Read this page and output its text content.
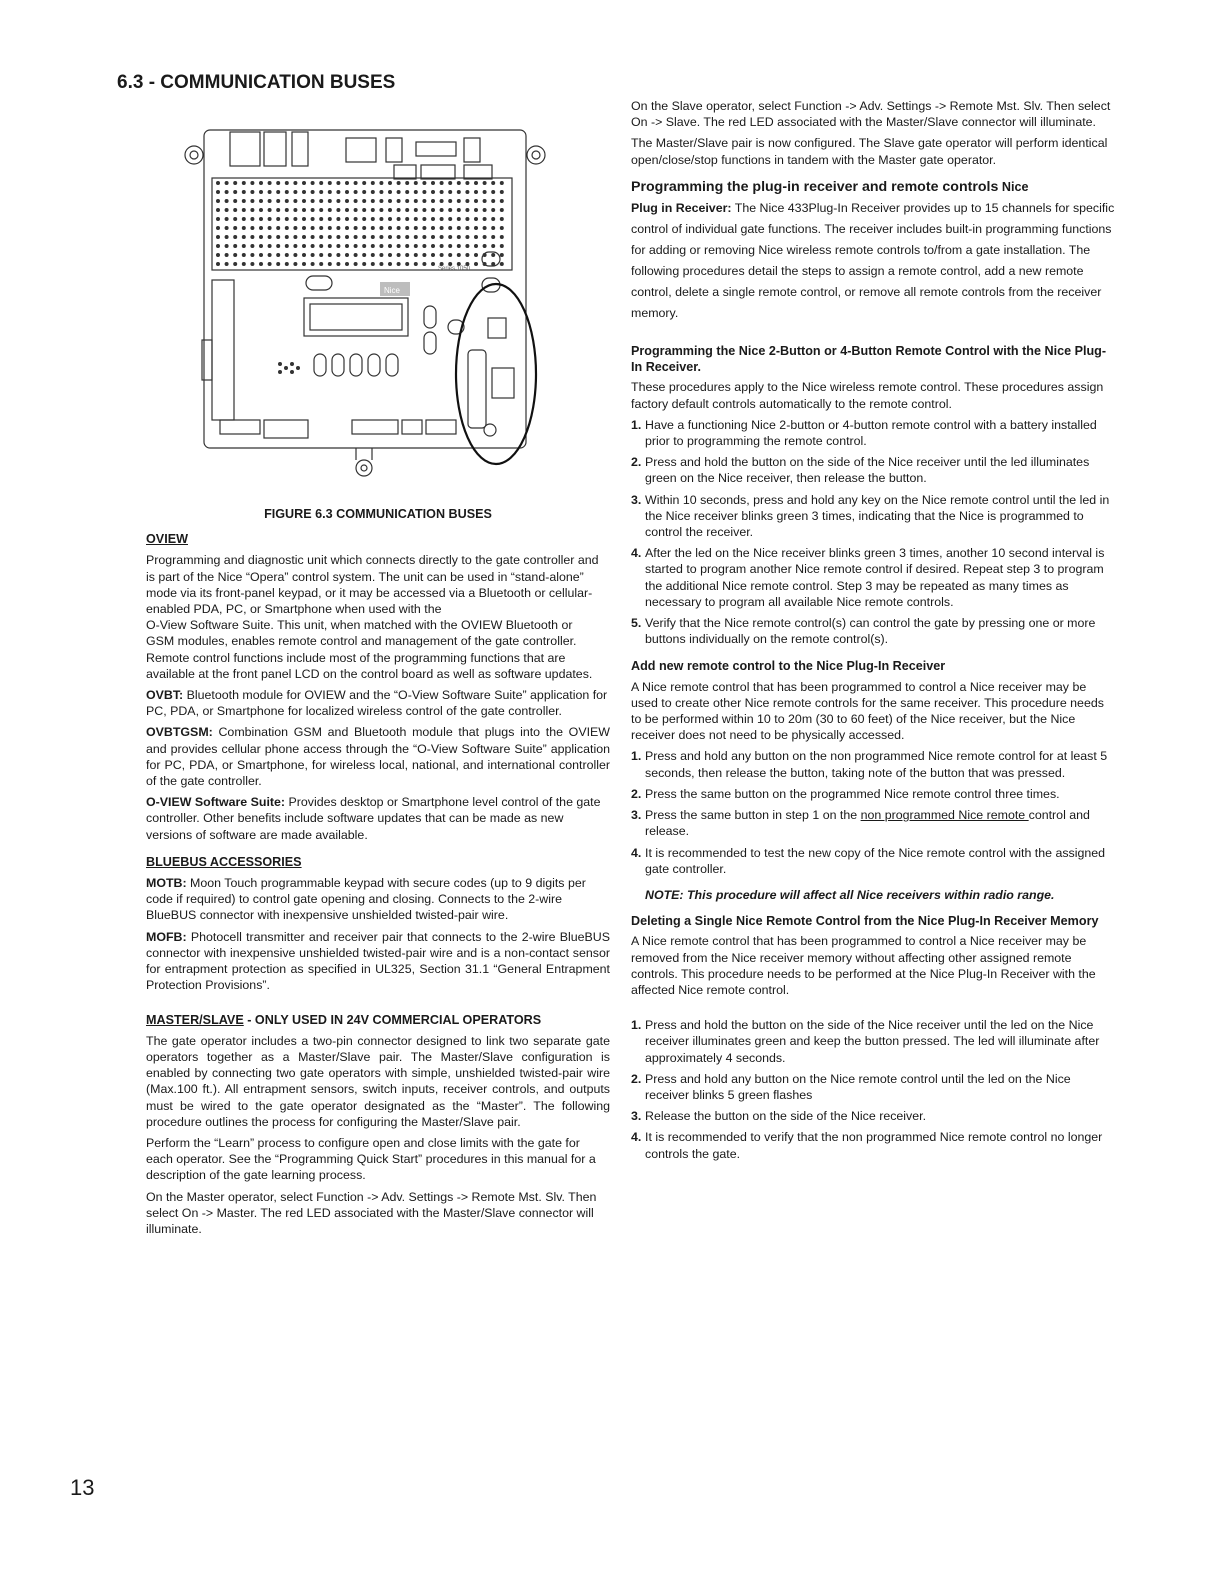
6.3 - COMMUNICATION BUSES
Nice
Series 1050
FIGURE 6.3 COMMUNICATION BUSES
OVIEW

Programming and diagnostic unit which connects directly to the gate controller and is part of the Nice “Opera” control system. The unit can be used in “stand-alone” mode via its front-panel keypad, or it may be accessed via a Bluetooth or cellular-enabled PDA, PC, or Smartphone when used with the
O-View Software Suite. This unit, when matched with the OVIEW Bluetooth or
GSM modules, enables remote control and management of the gate controller. Remote control functions include most of the programming functions that are available at the front panel LCD on the control board as well as software updates.

OVBT: Bluetooth module for OVIEW and the “O-View Software Suite” application for PC, PDA, or Smartphone for localized wireless control of the gate controller.

OVBTGSM: Combination GSM and Bluetooth module that plugs into the OVIEW and provides cellular phone access through the “O-View Software Suite” application for PC, PDA, or Smartphone, for wireless local, national, and international controller of the gate controller.

O-VIEW Software Suite: Provides desktop or Smartphone level control of the gate controller. Other benefits include software updates that can be made as new versions of software are made available.

BLUEBUS ACCESSORIES

MOTB: Moon Touch programmable keypad with secure codes (up to 9 digits per code if required) to control gate opening and closing. Connects to the 2-wire BlueBUS connector with inexpensive unshielded twisted-pair wire.

MOFB: Photocell transmitter and receiver pair that connects to the 2-wire BlueBUS connector with inexpensive unshielded twisted-pair wire and is a non-contact sensor for entrapment protection as specified in UL325, Section 31.1 “General Entrapment Protection Provisions”.

MASTER/SLAVE - ONLY USED IN 24V COMMERCIAL OPERATORS

The gate operator includes a two-pin connector designed to link two separate gate operators together as a Master/Slave pair. The Master/Slave configuration is enabled by connecting two gate operators with simple, unshielded twisted-pair wire (Max.100 ft.). All entrapment sensors, switch inputs, receiver controls, and outputs must be wired to the gate operator designated as the “Master”. The following procedure outlines the process for configuring the Master/Slave pair.

Perform the “Learn” process to configure open and close limits with the gate for each operator. See the “Programming Quick Start” procedures in this manual for a description of the gate learning process.

On the Master operator, select Function -> Adv. Settings -> Remote Mst. Slv. Then select On -> Master. The red LED associated with the Master/Slave connector will illuminate.

On the Slave operator, select Function -> Adv. Settings -> Remote Mst. Slv. Then select On -> Slave. The red LED associated with the Master/Slave connector will illuminate.

The Master/Slave pair is now configured. The Slave gate operator will perform identical open/close/stop functions in tandem with the Master gate operator.

Programming the plug-in receiver and remote controls Nice

Plug in Receiver: The Nice 433Plug-In Receiver provides up to 15 channels for specific control of individual gate functions. The receiver includes built-in programming functions for adding or removing Nice wireless remote controls to/from a gate installation. The following procedures detail the steps to assign a remote control, add a new remote control, delete a single remote control, or remove all remote controls from the receiver memory.

Programming the Nice 2-Button or 4-Button Remote Control with the Nice Plug-In Receiver.

These procedures apply to the Nice wireless remote control. These procedures assign factory default controls automatically to the remote control.

1. Have a functioning Nice 2-button or 4-button remote control with a battery installed prior to programming the remote control.
2. Press and hold the button on the side of the Nice receiver until the led illuminates green on the Nice receiver, then release the button.
3. Within 10 seconds, press and hold any key on the Nice remote control until the led in the Nice receiver blinks green 3 times, indicating that the Nice is programmed to control the receiver.
4. After the led on the Nice receiver blinks green 3 times, another 10 second interval is started to program another Nice remote control if desired. Repeat step 3 to program the additional Nice remote control. Step 3 may be repeated as many times as necessary to program all available Nice remote controls.
5. Verify that the Nice remote control(s) can control the gate by pressing one or more buttons individually on the remote control(s).
Add new remote control to the Nice Plug-In Receiver

A Nice remote control that has been programmed to control a Nice receiver may be used to create other Nice remote controls for the same receiver. This procedure needs to be performed within 10 to 20m (30 to 60 feet) of the Nice receiver, but the Nice receiver does not need to be physically accessed.

1. Press and hold any button on the non programmed Nice remote control for at least 5 seconds, then release the button, taking note of the button that was pressed.
2. Press the same button on the programmed Nice remote control three times.
3. Press the same button in step 1 on the non programmed Nice remote control and release.
4. It is recommended to test the new copy of the Nice remote control with the assigned gate controller.
NOTE: This procedure will affect all Nice receivers within radio range.
Deleting a Single Nice Remote Control from the Nice Plug-In Receiver Memory

A Nice remote control that has been programmed to control a Nice receiver may be removed from the Nice receiver memory without affecting other assigned remote controls. This procedure needs to be performed at the Nice Plug-In Receiver with the affected Nice remote control.

1. Press and hold the button on the side of the Nice receiver until the led on the Nice receiver illuminates green and keep the button pressed. The led will illuminate after approximately 4 seconds.
2. Press and hold any button on the Nice remote control until the led on the Nice receiver blinks 5 green flashes
3. Release the button on the side of the Nice receiver.
4. It is recommended to verify that the non programmed Nice remote control no longer controls the gate.
13
